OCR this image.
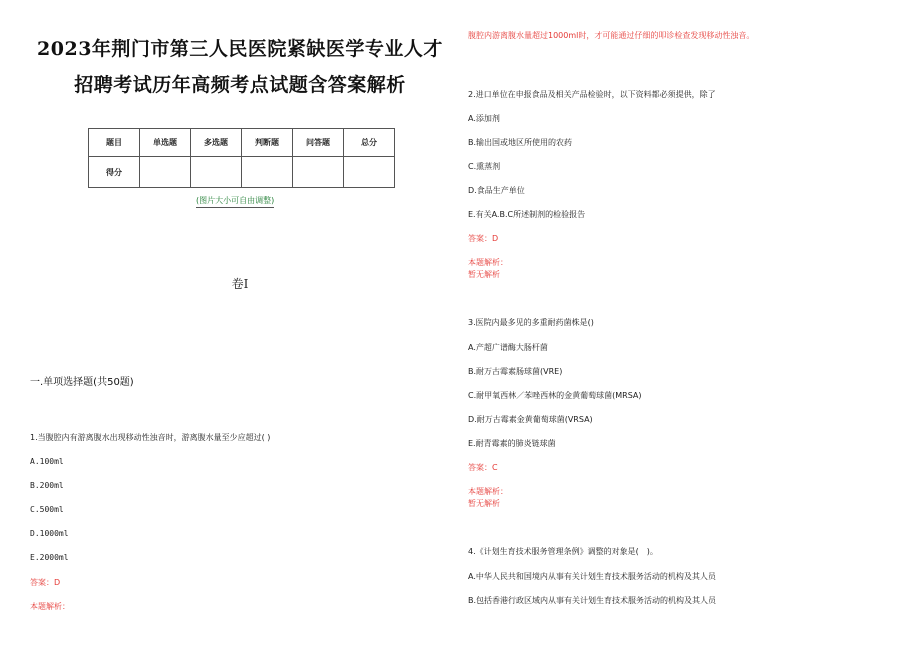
2023年荆门市第三人民医院紧缺医学专业人才
招聘考试历年高频考点试题含答案解析
题目	单选题	多选题	判断题	问答题	总分
得分					
(图片大小可自由调整)
卷Ⅰ
一.单项选择题(共50题)
1.当腹腔内有游离腹水出现移动性浊音时，游离腹水量至少应超过( )
A.100ml
B.200ml
C.500ml
D.1000ml
E.2000ml
答案：D
本题解析：
腹腔内游离腹水量超过1000ml时，才可能通过仔细的叩诊检查发现移动性浊音。
2.进口单位在申报食品及相关产品检验时，以下资料都必须提供，除了
A.添加剂
B.输出国或地区所使用的农药
C.熏蒸剂
D.食品生产单位
E.有关A.B.C所述制剂的检验报告
答案：D
本题解析：
暂无解析
3.医院内最多见的多重耐药菌株是()
A.产超广谱酶大肠杆菌
B.耐万古霉素肠球菌(VRE)
C.耐甲氧西林／苯唑西林的金黄葡萄球菌(MRSA)
D.耐万古霉素金黄葡萄球菌(VRSA)
E.耐青霉素的肺炎链球菌
答案：C
本题解析：
暂无解析
4.《计划生育技术服务管理条例》调整的对象是(　)。
A.中华人民共和国境内从事有关计划生育技术服务活动的机构及其人员
B.包括香港行政区域内从事有关计划生育技术服务活动的机构及其人员
